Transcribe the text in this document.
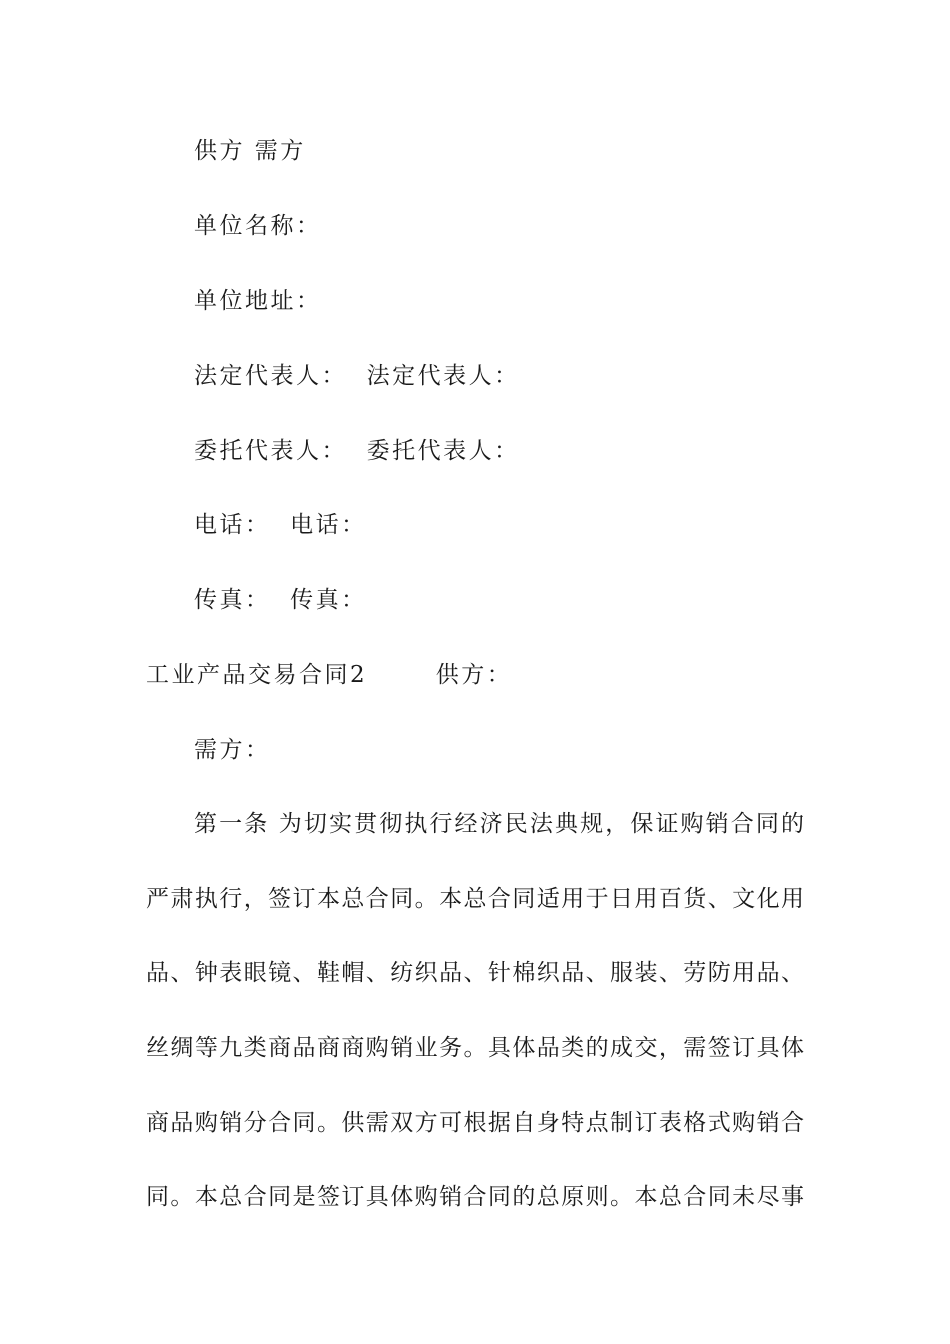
供方 需方
单位名称：
单位地址：
法定代表人：  法定代表人：
委托代表人：  委托代表人：
电话：  电话：
传真：  传真：
工业产品交易合同2       供方：
需方：
第一条 为切实贯彻执行经济民法典规，保证购销合同的
严肃执行，签订本总合同。本总合同适用于日用百货、文化用
品、钟表眼镜、鞋帽、纺织品、针棉织品、服装、劳防用品、
丝绸等九类商品商商购销业务。具体品类的成交，需签订具体
商品购销分合同。供需双方可根据自身特点制订表格式购销合
同。本总合同是签订具体购销合同的总原则。本总合同未尽事
